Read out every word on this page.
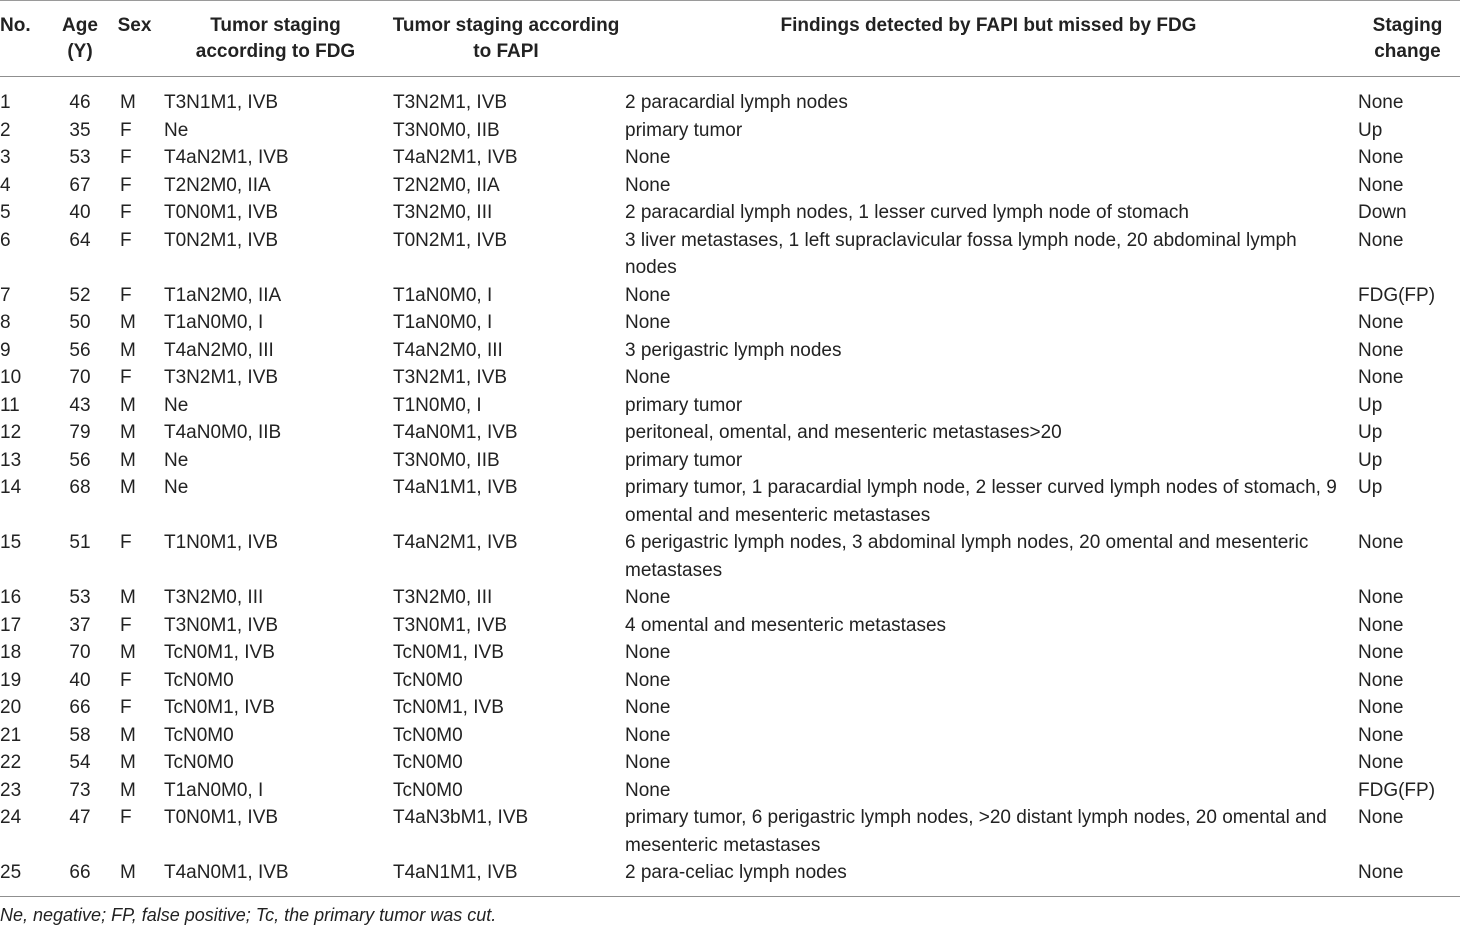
No.	Age (Y)	Sex	Tumor staging according to FDG	Tumor staging according to FAPI	Findings detected by FAPI but missed by FDG	Staging change
1	46	M	T3N1M1, IVB	T3N2M1, IVB	2 paracardial lymph nodes	None
2	35	F	Ne	T3N0M0, IIB	primary tumor	Up
3	53	F	T4aN2M1, IVB	T4aN2M1, IVB	None	None
4	67	F	T2N2M0, IIA	T2N2M0, IIA	None	None
5	40	F	T0N0M1, IVB	T3N2M0, III	2 paracardial lymph nodes, 1 lesser curved lymph node of stomach	Down
6	64	F	T0N2M1, IVB	T0N2M1, IVB	3 liver metastases, 1 left supraclavicular fossa lymph node, 20 abdominal lymph nodes	None
7	52	F	T1aN2M0, IIA	T1aN0M0, I	None	FDG(FP)
8	50	M	T1aN0M0, I	T1aN0M0, I	None	None
9	56	M	T4aN2M0, III	T4aN2M0, III	3 perigastric lymph nodes	None
10	70	F	T3N2M1, IVB	T3N2M1, IVB	None	None
11	43	M	Ne	T1N0M0, I	primary tumor	Up
12	79	M	T4aN0M0, IIB	T4aN0M1, IVB	peritoneal, omental, and mesenteric metastases>20	Up
13	56	M	Ne	T3N0M0, IIB	primary tumor	Up
14	68	M	Ne	T4aN1M1, IVB	primary tumor, 1 paracardial lymph node, 2 lesser curved lymph nodes of stomach, 9 omental and mesenteric metastases	Up
15	51	F	T1N0M1, IVB	T4aN2M1, IVB	6 perigastric lymph nodes, 3 abdominal lymph nodes, 20 omental and mesenteric metastases	None
16	53	M	T3N2M0, III	T3N2M0, III	None	None
17	37	F	T3N0M1, IVB	T3N0M1, IVB	4 omental and mesenteric metastases	None
18	70	M	TcN0M1, IVB	TcN0M1, IVB	None	None
19	40	F	TcN0M0	TcN0M0	None	None
20	66	F	TcN0M1, IVB	TcN0M1, IVB	None	None
21	58	M	TcN0M0	TcN0M0	None	None
22	54	M	TcN0M0	TcN0M0	None	None
23	73	M	T1aN0M0, I	TcN0M0	None	FDG(FP)
24	47	F	T0N0M1, IVB	T4aN3bM1, IVB	primary tumor, 6 perigastric lymph nodes, >20 distant lymph nodes, 20 omental and mesenteric metastases	None
25	66	M	T4aN0M1, IVB	T4aN1M1, IVB	2 para-celiac lymph nodes	None
Ne, negative; FP, false positive; Tc, the primary tumor was cut.
